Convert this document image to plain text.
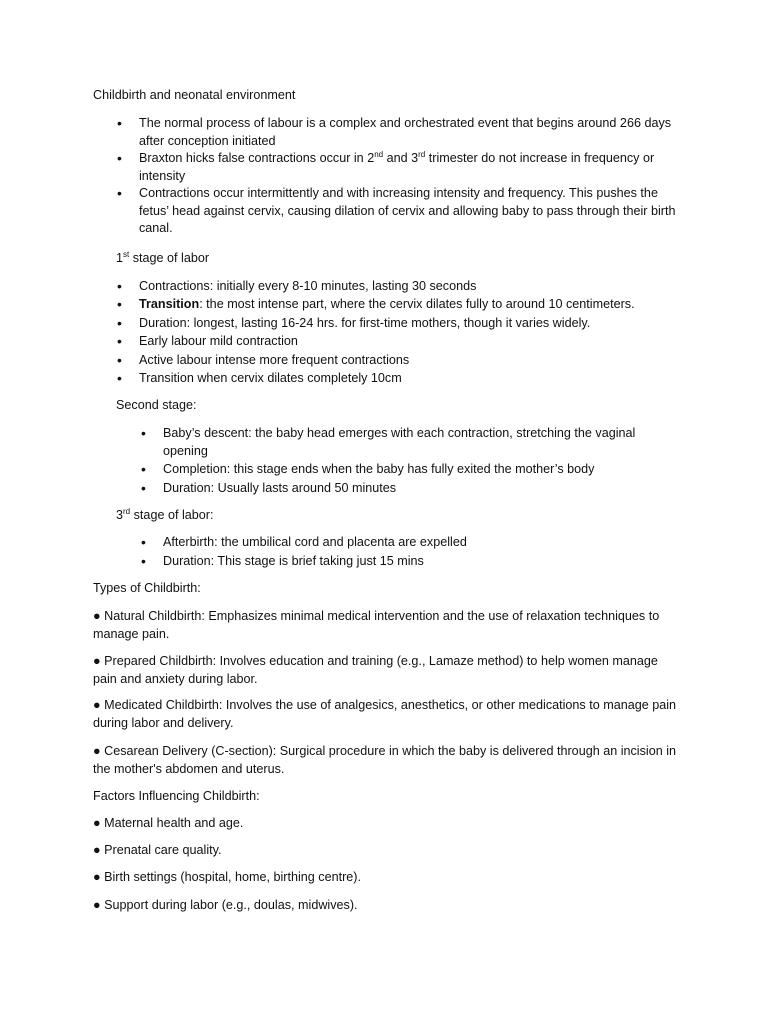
Childbirth and neonatal environment

• The normal process of labour is a complex and orchestrated event that begins around 266 days after conception initiated
• Braxton hicks false contractions occur in 2nd and 3rd trimester do not increase in frequency or intensity
• Contractions occur intermittently and with increasing intensity and frequency. This pushes the fetus’ head against cervix, causing dilation of cervix and allowing baby to pass through their birth canal.

1st stage of labor

• Contractions: initially every 8-10 minutes, lasting 30 seconds
• Transition: the most intense part, where the cervix dilates fully to around 10 centimeters.
• Duration: longest, lasting 16-24 hrs. for first-time mothers, though it varies widely.
• Early labour mild contraction
• Active labour intense more frequent contractions
• Transition when cervix dilates completely 10cm

Second stage:

• Baby’s descent: the baby head emerges with each contraction, stretching the vaginal opening
• Completion: this stage ends when the baby has fully exited the mother’s body
• Duration: Usually lasts around 50 minutes

3rd stage of labor:

• Afterbirth: the umbilical cord and placenta are expelled
• Duration: This stage is brief taking just 15 mins

Types of Childbirth:

● Natural Childbirth: Emphasizes minimal medical intervention and the use of relaxation techniques to manage pain.

● Prepared Childbirth: Involves education and training (e.g., Lamaze method) to help women manage pain and anxiety during labor.

● Medicated Childbirth: Involves the use of analgesics, anesthetics, or other medications to manage pain during labor and delivery.

● Cesarean Delivery (C-section): Surgical procedure in which the baby is delivered through an incision in the mother's abdomen and uterus.

Factors Influencing Childbirth:

● Maternal health and age.

● Prenatal care quality.

● Birth settings (hospital, home, birthing centre).

● Support during labor (e.g., doulas, midwives).
